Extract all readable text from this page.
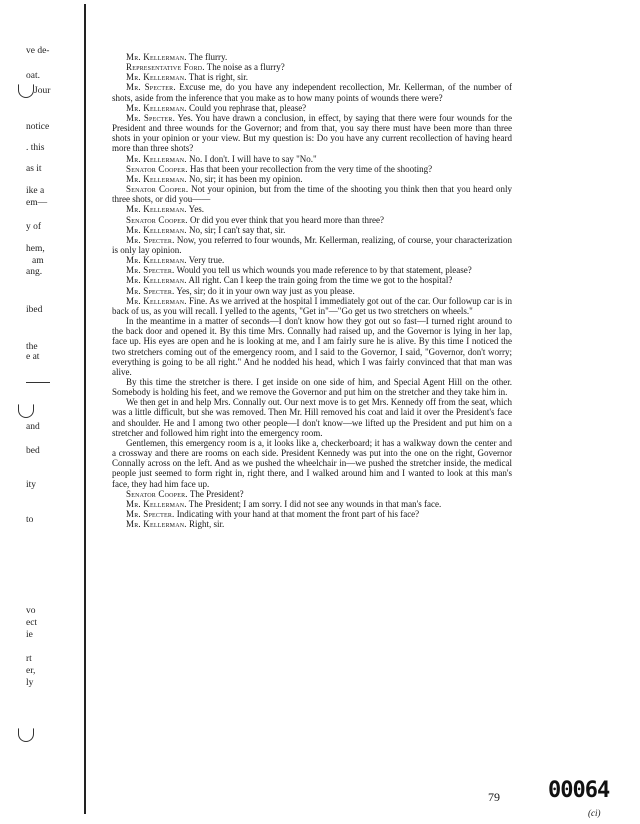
ve de-
oat.
Jour
notice
. this
as it
ike a
em—
y of
hem,
am
ang.
ibed
the
e at
and
bed
ity
to
vo
ect
ie
rt
er,
ly

Mr. Kellerman. The flurry.

Representative Ford. The noise as a flurry?

Mr. Kellerman. That is right, sir.

Mr. Specter. Excuse me, do you have any independent recollection, Mr. Kellerman, of the number of shots, aside from the inference that you make as to how many points of wounds there were?

Mr. Kellerman. Could you rephrase that, please?

Mr. Specter. Yes. You have drawn a conclusion, in effect, by saying that there were four wounds for the President and three wounds for the Governor; and from that, you say there must have been more than three shots in your opinion or your view. But my question is: Do you have any current recollection of having heard more than three shots?

Mr. Kellerman. No. I don't. I will have to say "No."

Senator Cooper. Has that been your recollection from the very time of the shooting?

Mr. Kellerman. No, sir; it has been my opinion.

Senator Cooper. Not your opinion, but from the time of the shooting you think then that you heard only three shots, or did you——

Mr. Kellerman. Yes.

Senator Cooper. Or did you ever think that you heard more than three?

Mr. Kellerman. No, sir; I can't say that, sir.

Mr. Specter. Now, you referred to four wounds, Mr. Kellerman, realizing, of course, your characterization is only lay opinion.

Mr. Kellerman. Very true.

Mr. Specter. Would you tell us which wounds you made reference to by that statement, please?

Mr. Kellerman. All right. Can I keep the train going from the time we got to the hospital?

Mr. Specter. Yes, sir; do it in your own way just as you please.

Mr. Kellerman. Fine. As we arrived at the hospital I immediately got out of the car. Our followup car is in back of us, as you will recall. I yelled to the agents, "Get in"—"Go get us two stretchers on wheels."

In the meantime in a matter of seconds—I don't know how they got out so fast—I turned right around to the back door and opened it. By this time Mrs. Connally had raised up, and the Governor is lying in her lap, face up. His eyes are open and he is looking at me, and I am fairly sure he is alive. By this time I noticed the two stretchers coming out of the emergency room, and I said to the Governor, I said, "Governor, don't worry; everything is going to be all right." And he nodded his head, which I was fairly convinced that that man was alive.

By this time the stretcher is there. I get inside on one side of him, and Special Agent Hill on the other. Somebody is holding his feet, and we remove the Governor and put him on the stretcher and they take him in.

We then get in and help Mrs. Connally out. Our next move is to get Mrs. Kennedy off from the seat, which was a little difficult, but she was removed. Then Mr. Hill removed his coat and laid it over the President's face and shoulder. He and I among two other people—I don't know—we lifted up the President and put him on a stretcher and followed him right into the emergency room.

Gentlemen, this emergency room is a, it looks like a, checkerboard; it has a walkway down the center and a crossway and there are rooms on each side. President Kennedy was put into the one on the right, Governor Connally across on the left. And as we pushed the wheelchair in—we pushed the stretcher inside, the medical people just seemed to form right in, right there, and I walked around him and I wanted to look at this man's face, they had him face up.

Senator Cooper. The President?

Mr. Kellerman. The President; I am sorry. I did not see any wounds in that man's face.

Mr. Specter. Indicating with your hand at that moment the front part of his face?

Mr. Kellerman. Right, sir.

79 00064
(ci)
